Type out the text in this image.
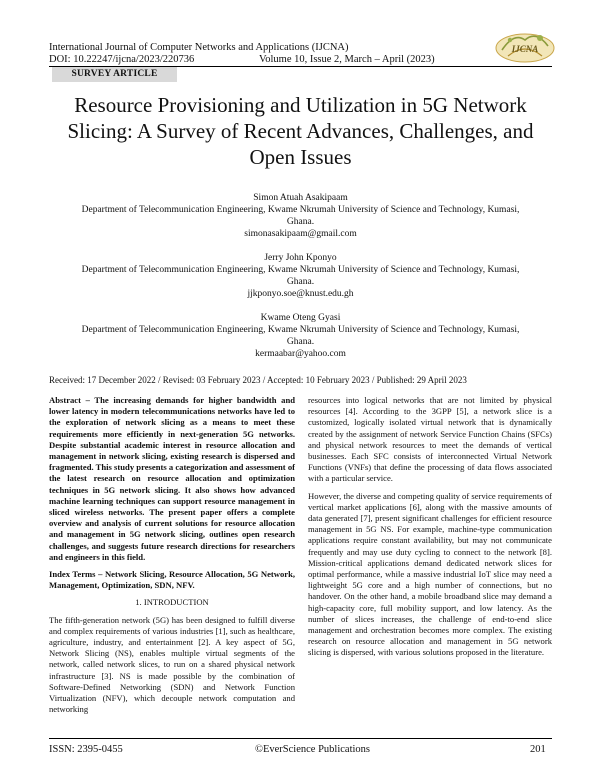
International Journal of Computer Networks and Applications (IJCNA)
DOI: 10.22247/ijcna/2023/220736	Volume 10, Issue 2, March – April (2023)
IJCNA
SURVEY ARTICLE
Resource Provisioning and Utilization in 5G Network Slicing: A Survey of Recent Advances, Challenges, and Open Issues
Simon Atuah Asakipaam
Department of Telecommunication Engineering, Kwame Nkrumah University of Science and Technology, Kumasi, Ghana.
simonasakipaam@gmail.com
Jerry John Kponyo
Department of Telecommunication Engineering, Kwame Nkrumah University of Science and Technology, Kumasi, Ghana.
jjkponyo.soe@knust.edu.gh
Kwame Oteng Gyasi
Department of Telecommunication Engineering, Kwame Nkrumah University of Science and Technology, Kumasi, Ghana.
kermaabar@yahoo.com
Received: 17 December 2022 / Revised: 03 February 2023 / Accepted: 10 February 2023 / Published: 29 April 2023

Abstract – The increasing demands for higher bandwidth and lower latency in modern telecommunications networks have led to the exploration of network slicing as a means to meet these requirements more efficiently in next-generation 5G networks. Despite substantial academic interest in resource allocation and management in network slicing, existing research is dispersed and fragmented. This study presents a categorization and assessment of the latest research on resource allocation and optimization techniques in 5G network slicing. It also shows how advanced machine learning techniques can support resource management in sliced wireless networks. The present paper offers a complete overview and analysis of current solutions for resource allocation and management in 5G network slicing, outlines open research challenges, and suggests future research directions for researchers and engineers in this field.

Index Terms – Network Slicing, Resource Allocation, 5G Network, Management, Optimization, SDN, NFV.

1. INTRODUCTION

The fifth-generation network (5G) has been designed to fulfill diverse and complex requirements of various industries [1], such as healthcare, agriculture, industry, and entertainment [2]. A key aspect of 5G, Network Slicing (NS), enables multiple virtual segments of the network, called network slices, to run on a shared physical network infrastructure [3]. NS is made possible by the combination of Software-Defined Networking (SDN) and Network Function Virtualization (NFV), which decouple network computation and networking

resources into logical networks that are not limited by physical resources [4]. According to the 3GPP [5], a network slice is a customized, logically isolated virtual network that is dynamically created by the assignment of network Service Function Chains (SFCs) and physical network resources to meet the demands of vertical businesses. Each SFC consists of interconnected Virtual Network Functions (VNFs) that define the processing of data flows associated with a particular service.

However, the diverse and competing quality of service requirements of vertical market applications [6], along with the massive amounts of data generated [7], present significant challenges for efficient resource management in 5G NS. For example, machine-type communication applications require constant availability, but may not communicate frequently and may use duty cycling to connect to the network [8]. Mission-critical applications demand dedicated network slices for optimal performance, while a massive industrial IoT slice may need a lightweight 5G core and a high number of connections, but no handover. On the other hand, a mobile broadband slice may demand a high-capacity core, full mobility support, and low latency. As the number of slices increases, the challenge of end-to-end slice management and orchestration becomes more complex. The existing research on resource allocation and management in 5G network slicing is dispersed, with various solutions proposed in the literature.

ISSN: 2395-0455	©EverScience Publications	201
